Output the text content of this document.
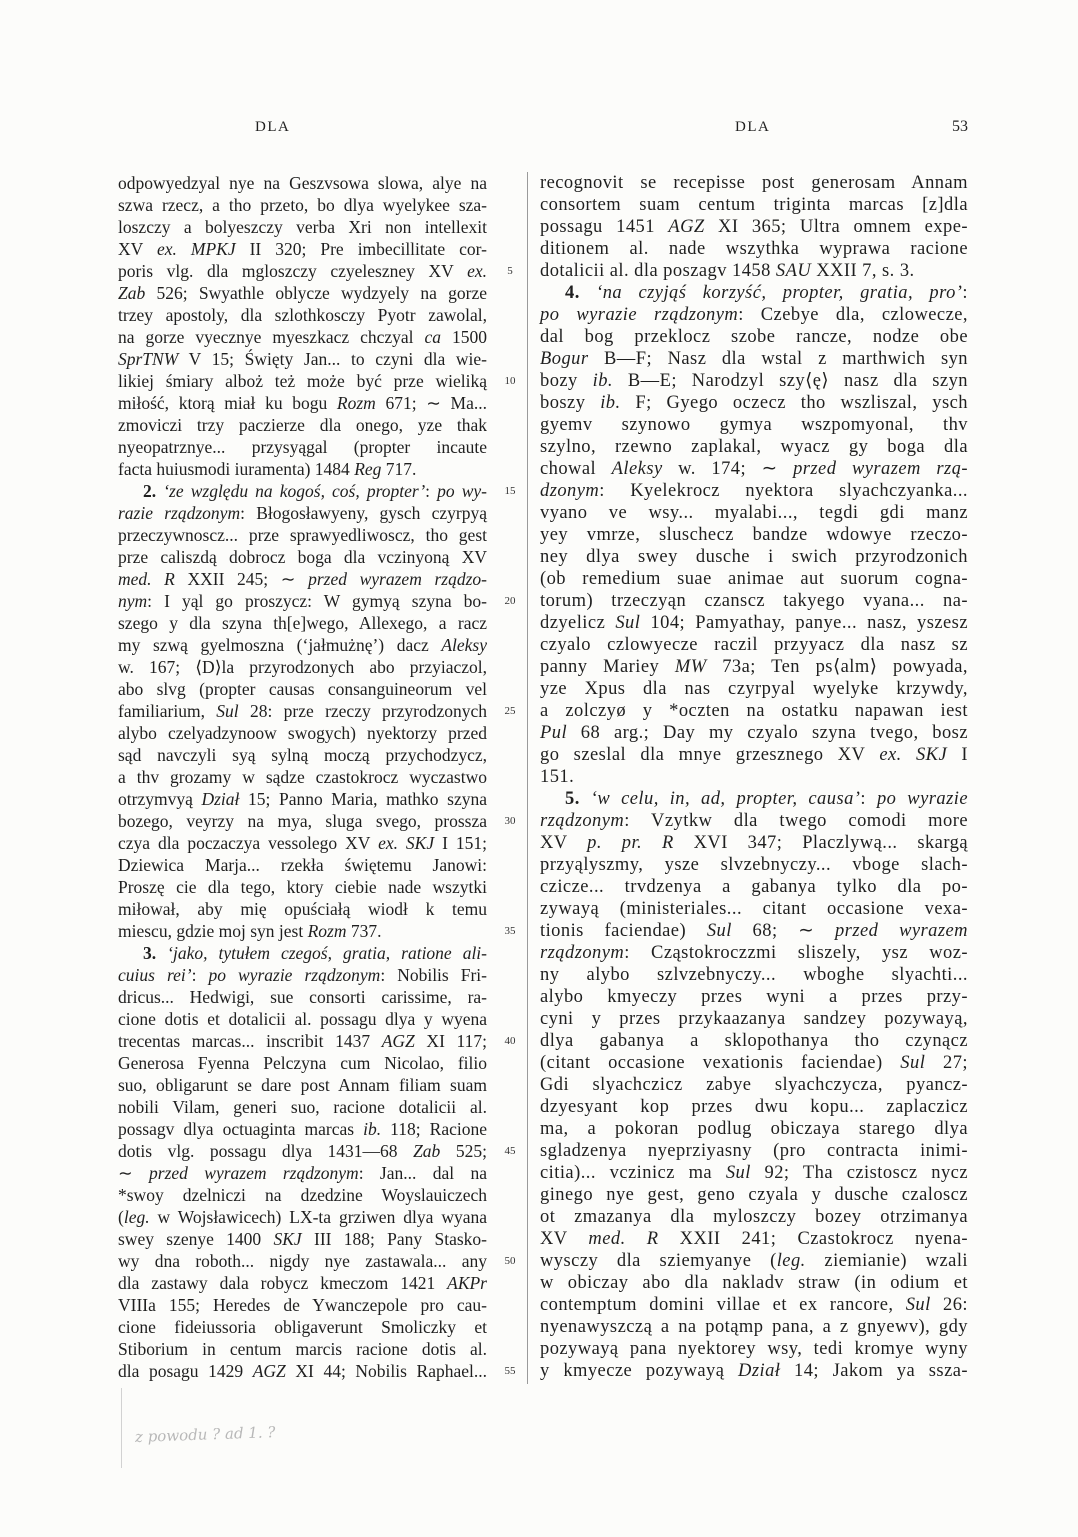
DLA	DLA	53
odpowyedzyal nye na Geszvsowa slowa, alye na
szwa rzecz, a tho przeto, bo dlya wyelykee sza-
loszczy a bolyeszczy verba Xri non intellexit
XV ex. MPKJ II 320; Pre imbecillitate cor-
poris vlg. dla mgloszczy czyeleszney XV ex.
Zab 526; Swyathle oblycze wydzyely na gorze
trzey apostoly, dla szlothkosczy Pyotr zawolal,
na gorze vyecznye myeszkacz chczyal ca 1500
SprTNW V 15; Święty Jan... to czyni dla wie-
likiej śmiary alboż też może być prze wieliką
miłość, ktorą miał ku bogu Rozm 671; ∼ Ma...
zmoviczi trzy paczierze dla onego, yze thak
nyeopatrznye... przysyągal (propter incaute
facta huiusmodi iuramenta) 1484 Reg 717.
2. ‘ze względu na kogoś, coś, propter’: po wy-
razie rządzonym: Błogosławyeny, gysch czyrpyą
przeczywnoscz... prze sprawyedliwoscz, tho gest
prze caliszdą dobrocz boga dla vczinyoną XV
med. R XXII 245; ∼ przed wyrazem rządzo-
nym: I yąl go proszycz: W gymyą szyna bo-
szego y dla szyna th[e]wego, Allexego, a racz
my szwą gyelmoszna (‘jałmużnę’) dacz Aleksy
w. 167; ⟨D⟩la przyrodzonych abo przyiaczol,
abo slvg (propter causas consanguineorum vel
familiarium, Sul 28: prze rzeczy przyrodzonych
alybo czelyadzynoow swogych) nyektorzy przed
sąd navczyli syą sylną moczą przychodzycz,
a thv grozamy w sądze czastokrocz wyczastwo
otrzymvyą Dział 15; Panno Maria, mathko szyna
bozego, veyrzy na mya, sluga svego, prossza
czya dla poczaczya vessolego XV ex. SKJ I 151;
Dziewica Marja... rzekła świętemu Janowi:
Proszę cie dla tego, ktory ciebie nade wszytki
miłował, aby mię opuściałą wiodł k temu
miescu, gdzie moj syn jest Rozm 737.
3. ‘jako, tytułem czegoś, gratia, ratione ali-
cuius rei’: po wyrazie rządzonym: Nobilis Fri-
dricus... Hedwigi, sue consorti carissime, ra-
cione dotis et dotalicii al. possagu dlya y wyena
trecentas marcas... inscribit 1437 AGZ XI 117;
Generosa Fyenna Pelczyna cum Nicolao, filio
suo, obligarunt se dare post Annam filiam suam
nobili Vilam, generi suo, racione dotalicii al.
possagv dlya octuaginta marcas ib. 118; Racione
dotis vlg. possagu dlya 1431—68 Zab 525;
∼ przed wyrazem rządzonym: Jan... dal na
*swoy dzelniczi na dzedzine Woyslauiczech
(leg. w Wojsławicech) LX-ta grziwen dlya wyana
swey szenye 1400 SKJ III 188; Pany Stasko-
wy dna roboth... nigdy nye zastawala... any
dla zastawy dala robycz kmeczom 1421 AKPr
VIIIa 155; Heredes de Ywanczepole pro cau-
cione fideiussoria obligaverunt Smoliczky et
Stiborium in centum marcis racione dotis al.
dla posagu 1429 AGZ XI 44; Nobilis Raphael...
5
10
15
20
25
30
35
40
45
50
55
recognovit se recepisse post generosam Annam
consortem suam centum triginta marcas [z]dla
possagu 1451 AGZ XI 365; Ultra omnem expe-
ditionem al. nade wszythka wyprawa racione
dotalicii al. dla poszagv 1458 SAU XXII 7, s. 3.
4. ‘na czyjąś korzyść, propter, gratia, pro’:
po wyrazie rządzonym: Czebye dla, czlowecze,
dal bog przeklocz szobe rancze, nodze obe
Bogur B—F; Nasz dla wstal z marthwich syn
bozy ib. B—E; Narodzyl szy⟨ę⟩ nasz dla szyn
boszy ib. F; Gyego oczecz tho wszliszal, ysch
gyemv szynowo gymya wszpomyonal, thv
szylno, rzewno zaplakal, wyacz gy boga dla
chowal Aleksy w. 174; ∼ przed wyrazem rzą-
dzonym: Kyelekrocz nyektora slyachczyanka...
vyano ve wsy... myalabi..., tegdi gdi manz
yey vmrze, sluschecz bandze wdowye rzeczo-
ney dlya swey dusche i swich przyrodzonich
(ob remedium suae animae aut suorum cogna-
torum) trzeczyąn czanscz takyego vyana... na-
dzyelicz Sul 104; Pamyathay, panye... nasz, yszesz
czyalo czlowyecze raczil przyyacz dla nasz sz
panny Mariey MW 73a; Ten ps⟨alm⟩ powyada,
yze Xpus dla nas czyrpyal wyelyke krzywdy,
a zolczyø y *oczten na ostatku napawan iest
Pul 68 arg.; Day my czyalo szyna tvego, bosz
go szeslal dla mnye grzesznego XV ex. SKJ I
151.
5. ‘w celu, in, ad, propter, causa’: po wyrazie
rządzonym: Vzytkw dla twego comodi more
XV p. pr. R XVI 347; Placzlywą... skargą
przyąlyszmy, ysze slvzebnyczy... vboge slach-
czicze... trvdzenya a gabanya tylko dla po-
zywayą (ministeriales... citant occasione vexa-
tionis faciendae) Sul 68; ∼ przed wyrazem
rządzonym: Cząstokroczzmi sliszely, ysz woz-
ny alybo szlvzebnyczy... wboghe slyachti...
alybo kmyeczy przes wyni a przes przy-
cyni y przes przykaazanya sandzey pozywayą,
dlya gabanya a sklopothanya tho czynącz
(citant occasione vexationis faciendae) Sul 27;
Gdi slyachczicz zabye slyachczycza, pyancz-
dzyesyant kop przes dwu kopu... zaplaczicz
ma, a pokoran podlug obiczaya starego dlya
sgladzenya nyeprziyasny (pro contracta inimi-
citia)... vczinicz ma Sul 92; Tha czistoscz nycz
ginego nye gest, geno czyala y dusche czaloscz
ot zmazanya dla myloszczy bozey otrzimanya
XV med. R XXII 241; Czastokrocz nyena-
wysczy dla sziemyanye (leg. ziemianie) wzali
w obiczay abo dla nakladv straw (in odium et
contemptum domini villae et ex rancore, Sul 26:
nyenawyszczą a na potąmp pana, a z gnyewv), gdy
pozywayą pana nyektorey wsy, tedi kromye wyny
y kmyecze pozywayą Dział 14; Jakom ya ssza-
z powodu ? ad 1. ?
